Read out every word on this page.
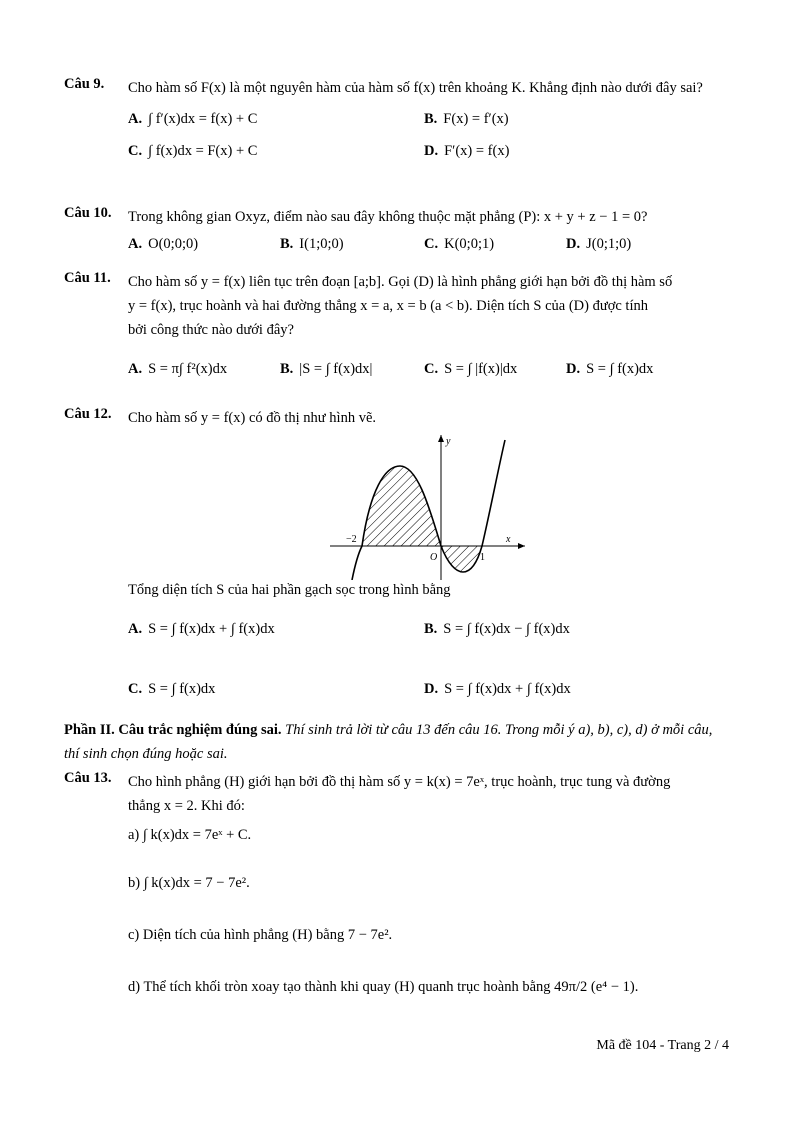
Câu 9.	Cho hàm số F(x) là một nguyên hàm của hàm số f(x) trên khoảng K. Khẳng định nào dưới đây sai?
A. ∫ f′(x)dx = f(x) + C	B. F(x) = f′(x)
C. ∫ f(x)dx = F(x) + C	D. F′(x) = f(x)
Câu 10.	Trong không gian Oxyz, điểm nào sau đây không thuộc mặt phẳng (P): x + y + z − 1 = 0?
A. O(0;0;0)	B. I(1;0;0)	C. K(0;0;1)	D. J(0;1;0)
Câu 11.	Cho hàm số y = f(x) liên tục trên đoạn [a;b]. Gọi (D) là hình phẳng giới hạn bởi đồ thị hàm số
y = f(x), trục hoành và hai đường thẳng x = a, x = b (a < b). Diện tích S của (D) được tính
bởi công thức nào dưới đây?
A. S = π∫ f²(x)dx	B. |S = ∫ f(x)dx|	C. S = ∫ |f(x)|dx	D. S = ∫ f(x)dx
Câu 12.	Cho hàm số y = f(x) có đồ thị như hình vẽ.
x
y
O
−2
1
Tổng diện tích S của hai phần gạch sọc trong hình bằng
A. S = ∫ f(x)dx + ∫ f(x)dx	B. S = ∫ f(x)dx − ∫ f(x)dx
C. S = ∫ f(x)dx	D. S = ∫ f(x)dx + ∫ f(x)dx
Phần II. Câu trắc nghiệm đúng sai. Thí sinh trả lời từ câu 13 đến câu 16. Trong mỗi ý a), b), c), d) ở mỗi câu, thí sinh chọn đúng hoặc sai.
Câu 13.	Cho hình phẳng (H) giới hạn bởi đồ thị hàm số y = k(x) = 7eˣ, trục hoành, trục tung và đường
thẳng x = 2. Khi đó:
a) ∫ k(x)dx = 7eˣ + C.
b) ∫ k(x)dx = 7 − 7e².
c) Diện tích của hình phẳng (H) bằng 7 − 7e².
d) Thể tích khối tròn xoay tạo thành khi quay (H) quanh trục hoành bằng 49π/2 (e⁴ − 1).
Mã đề 104 - Trang 2 / 4
